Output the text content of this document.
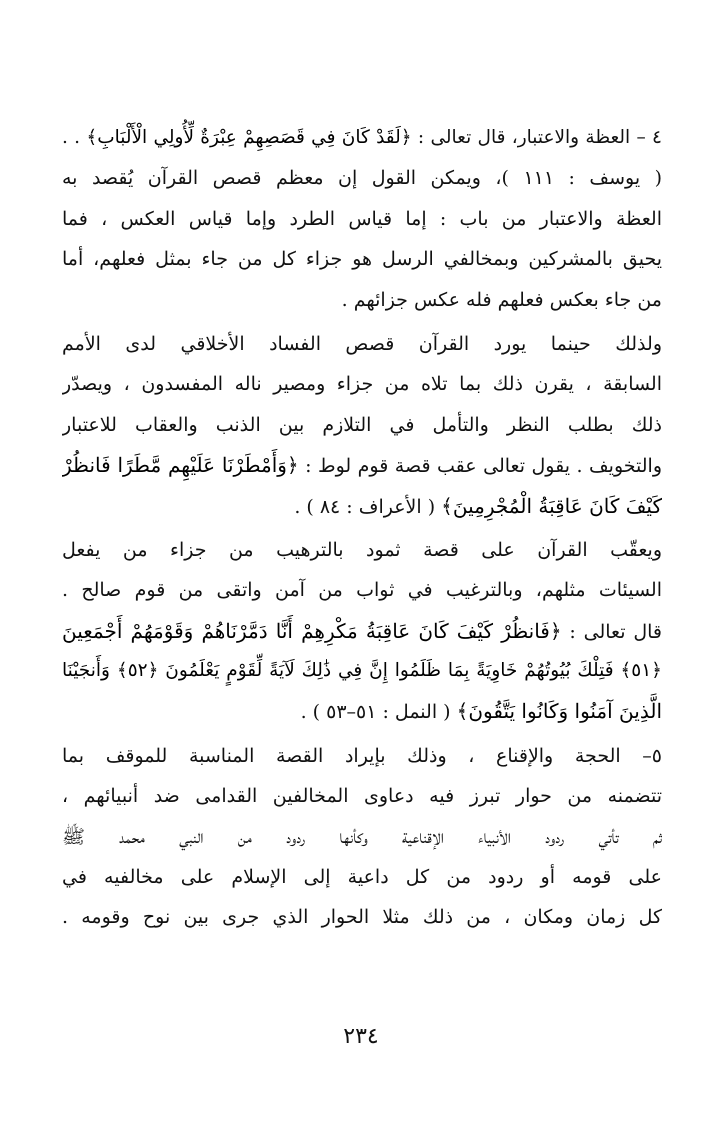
٤ – العظة والاعتبار، قال تعالى : ﴿لَقَدْ كَانَ فِي قَصَصِهِمْ عِبْرَةٌ لِّأُولِي الْأَلْبَابِ﴾ . .
( يوسف : ١١١ )، ويمكن القول إن معظم قصص القرآن يُقصد به
العظة والاعتبار من باب : إما قياس الطرد وإما قياس العكس ، فما
يحيق بالمشركين وبمخالفي الرسل هو جزاء كل من جاء بمثل فعلهم، أما
من جاء بعكس فعلهم فله عكس جزائهم .
ولذلك حينما يورد القرآن قصص الفساد الأخلاقي لدى الأمم
السابقة ، يقرن ذلك بما تلاه من جزاء ومصير ناله المفسدون ، ويصدّر
ذلك بطلب النظر والتأمل في التلازم بين الذنب والعقاب للاعتبار
والتخويف . يقول تعالى عقب قصة قوم لوط : ﴿وَأَمْطَرْنَا عَلَيْهِم مَّطَرًا فَانظُرْ
كَيْفَ كَانَ عَاقِبَةُ الْمُجْرِمِينَ﴾ ( الأعراف : ٨٤ ) .
ويعقّب القرآن على قصة ثمود بالترهيب من جزاء من يفعل
السيئات مثلهم، وبالترغيب في ثواب من آمن واتقى من قوم صالح .
قال تعالى : ﴿فَانظُرْ كَيْفَ كَانَ عَاقِبَةُ مَكْرِهِمْ أَنَّا دَمَّرْنَاهُمْ وَقَوْمَهُمْ أَجْمَعِينَ
﴿٥١﴾ فَتِلْكَ بُيُوتُهُمْ خَاوِيَةً بِمَا ظَلَمُوا إِنَّ فِي ذَٰلِكَ لَآيَةً لِّقَوْمٍ يَعْلَمُونَ ﴿٥٢﴾ وَأَنجَيْنَا
الَّذِينَ آمَنُوا وَكَانُوا يَتَّقُونَ﴾ ( النمل : ٥١–٥٣ ) .
٥– الحجة والإقناع ، وذلك بإيراد القصة المناسبة للموقف بما
تتضمنه من حوار تبرز فيه دعاوى المخالفين القدامى ضد أنبيائهم ،
ثم تأتي ردود الأنبياء الإقناعية وكأنها ردود من النبي محمد ﷺ
على قومه أو ردود من كل داعية إلى الإسلام على مخالفيه في
كل زمان ومكان ، من ذلك مثلا الحوار الذي جرى بين نوح وقومه .
٢٣٤
